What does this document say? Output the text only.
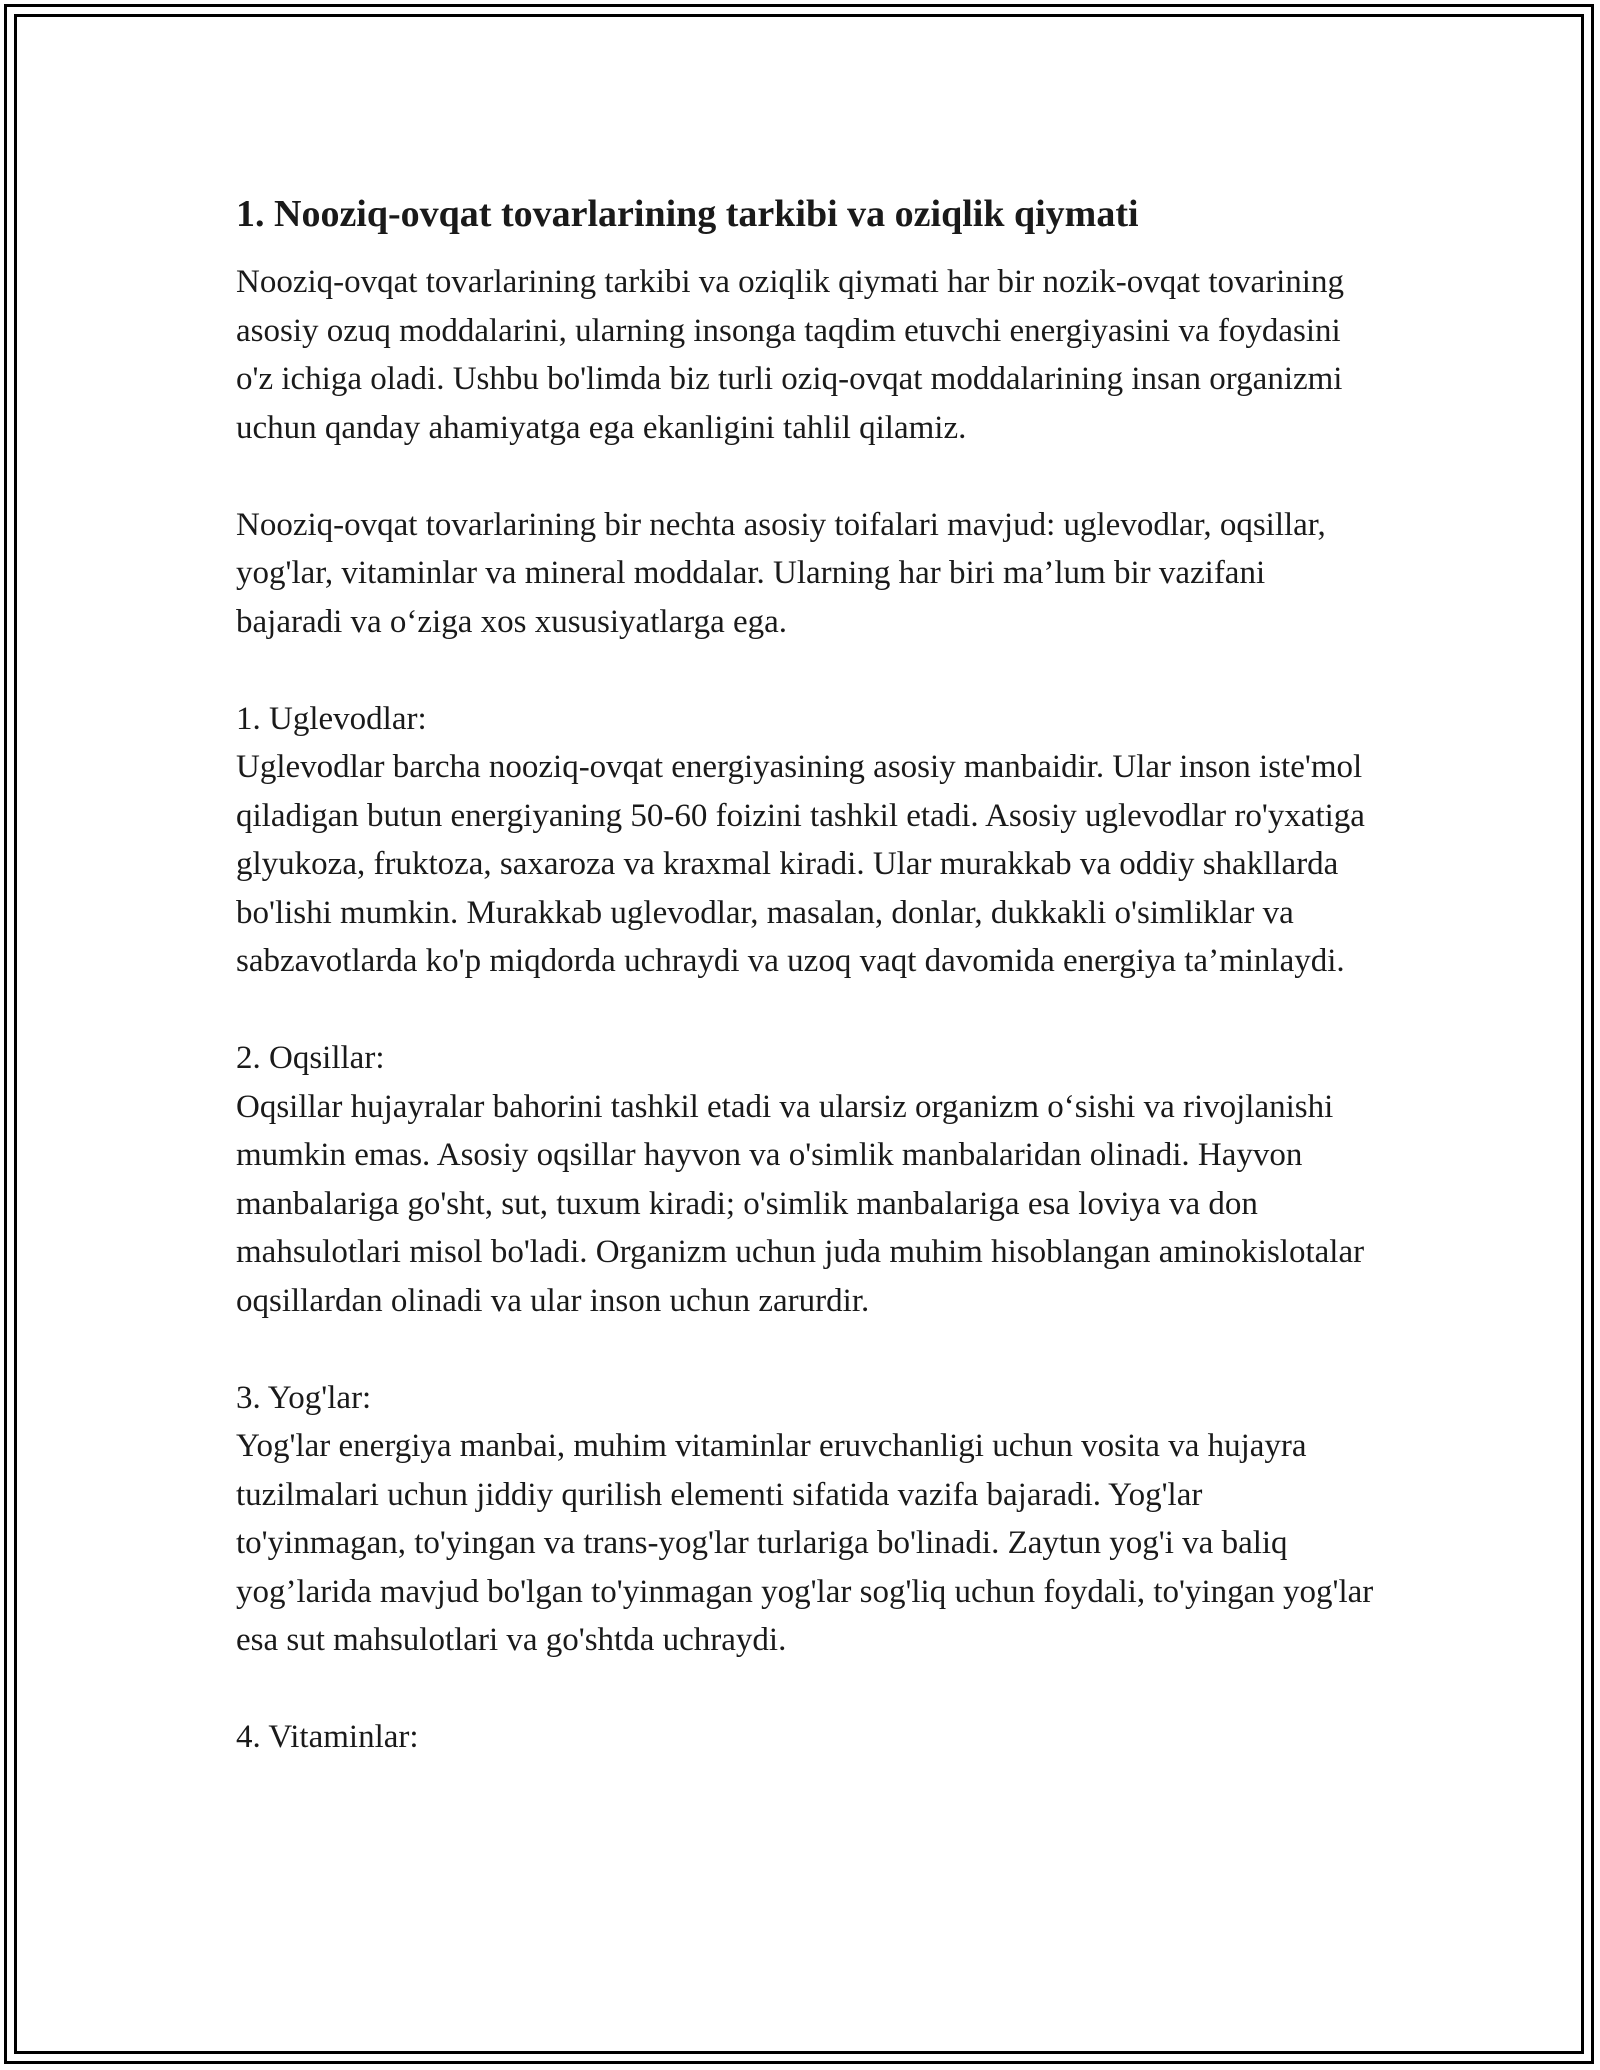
1. Nooziq-ovqat tovarlarining tarkibi va oziqlik qiymati

Nooziq-ovqat tovarlarining tarkibi va oziqlik qiymati har bir nozik-ovqat tovarining asosiy ozuq moddalarini, ularning insonga taqdim etuvchi energiyasini va foydasini o'z ichiga oladi. Ushbu bo'limda biz turli oziq-ovqat moddalarining insan organizmi uchun qanday ahamiyatga ega ekanligini tahlil qilamiz.

Nooziq-ovqat tovarlarining bir nechta asosiy toifalari mavjud: uglevodlar, oqsillar, yog'lar, vitaminlar va mineral moddalar. Ularning har biri ma’lum bir vazifani bajaradi va o‘ziga xos xususiyatlarga ega.

1. Uglevodlar:
Uglevodlar barcha nooziq-ovqat energiyasining asosiy manbaidir. Ular inson iste'mol qiladigan butun energiyaning 50-60 foizini tashkil etadi. Asosiy uglevodlar ro'yxatiga glyukoza, fruktoza, saxaroza va kraxmal kiradi. Ular murakkab va oddiy shakllarda bo'lishi mumkin. Murakkab uglevodlar, masalan, donlar, dukkakli o'simliklar va sabzavotlarda ko'p miqdorda uchraydi va uzoq vaqt davomida energiya ta’minlaydi.
2. Oqsillar:
Oqsillar hujayralar bahorini tashkil etadi va ularsiz organizm o‘sishi va rivojlanishi mumkin emas. Asosiy oqsillar hayvon va o'simlik manbalaridan olinadi. Hayvon manbalariga go'sht, sut, tuxum kiradi; o'simlik manbalariga esa loviya va don mahsulotlari misol bo'ladi. Organizm uchun juda muhim hisoblangan aminokislotalar oqsillardan olinadi va ular inson uchun zarurdir.
3. Yog'lar:
Yog'lar energiya manbai, muhim vitaminlar eruvchanligi uchun vosita va hujayra tuzilmalari uchun jiddiy qurilish elementi sifatida vazifa bajaradi. Yog'lar to'yinmagan, to'yingan va trans-yog'lar turlariga bo'linadi. Zaytun yog'i va baliq yog’larida mavjud bo'lgan to'yinmagan yog'lar sog'liq uchun foydali, to'yingan yog'lar esa sut mahsulotlari va go'shtda uchraydi.
4. Vitaminlar:
